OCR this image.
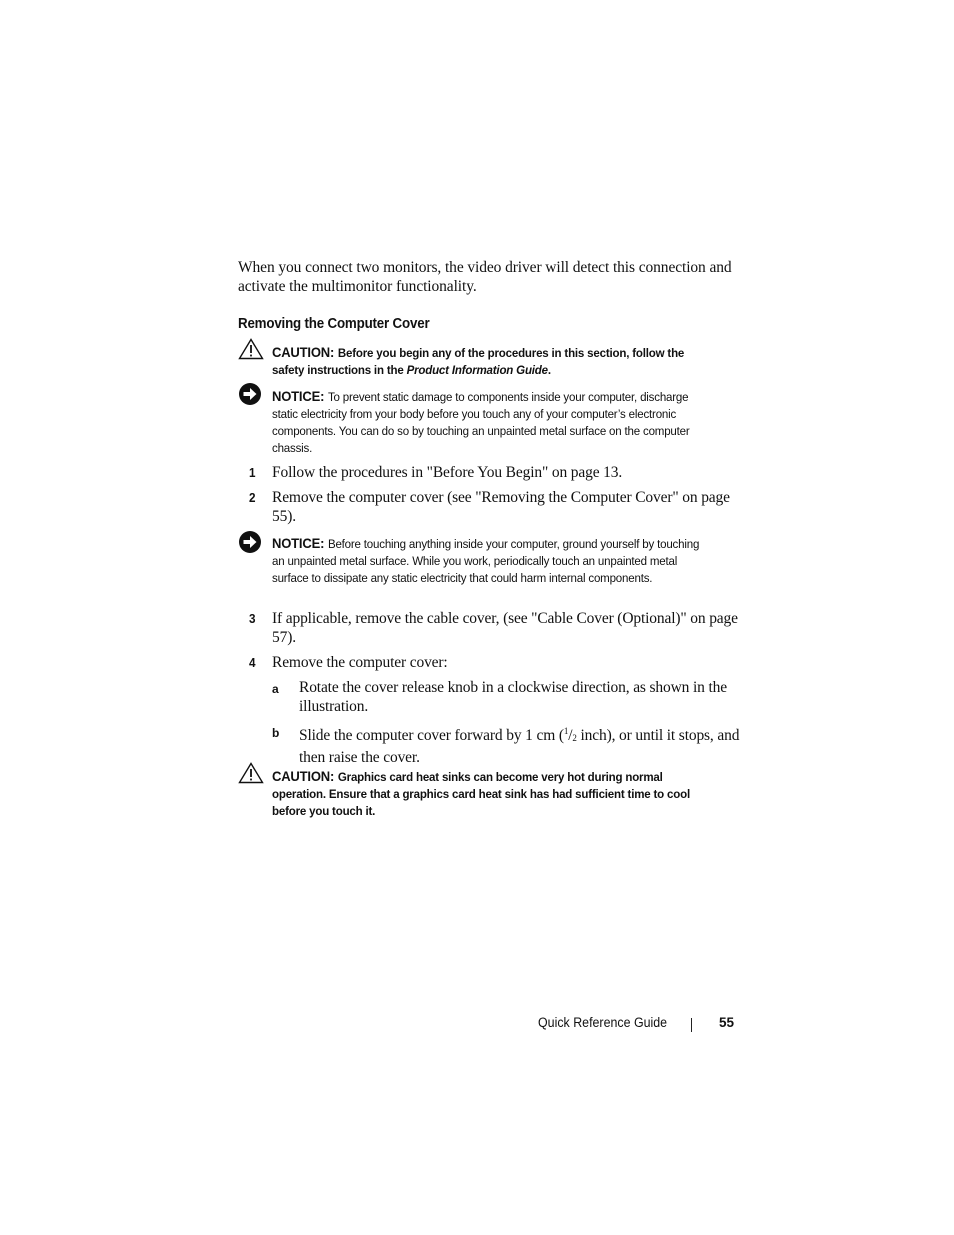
When you connect two monitors, the video driver will detect this connection and activate the multimonitor functionality.
Removing the Computer Cover
CAUTION: Before you begin any of the procedures in this section, follow the safety instructions in the Product Information Guide.
NOTICE: To prevent static damage to components inside your computer, discharge static electricity from your body before you touch any of your computer’s electronic components. You can do so by touching an unpainted metal surface on the computer chassis.
1 Follow the procedures in "Before You Begin" on page 13.
2 Remove the computer cover (see "Removing the Computer Cover" on page 55).
NOTICE: Before touching anything inside your computer, ground yourself by touching an unpainted metal surface. While you work, periodically touch an unpainted metal surface to dissipate any static electricity that could harm internal components.
3 If applicable, remove the cable cover, (see "Cable Cover (Optional)" on page 57).
4 Remove the computer cover:
a Rotate the cover release knob in a clockwise direction, as shown in the illustration.
b Slide the computer cover forward by 1 cm ($^1/_2$ inch), or until it stops, and then raise the cover.
CAUTION: Graphics card heat sinks can become very hot during normal operation. Ensure that a graphics card heat sink has had sufficient time to cool before you touch it.
Quick Reference Guide	55
